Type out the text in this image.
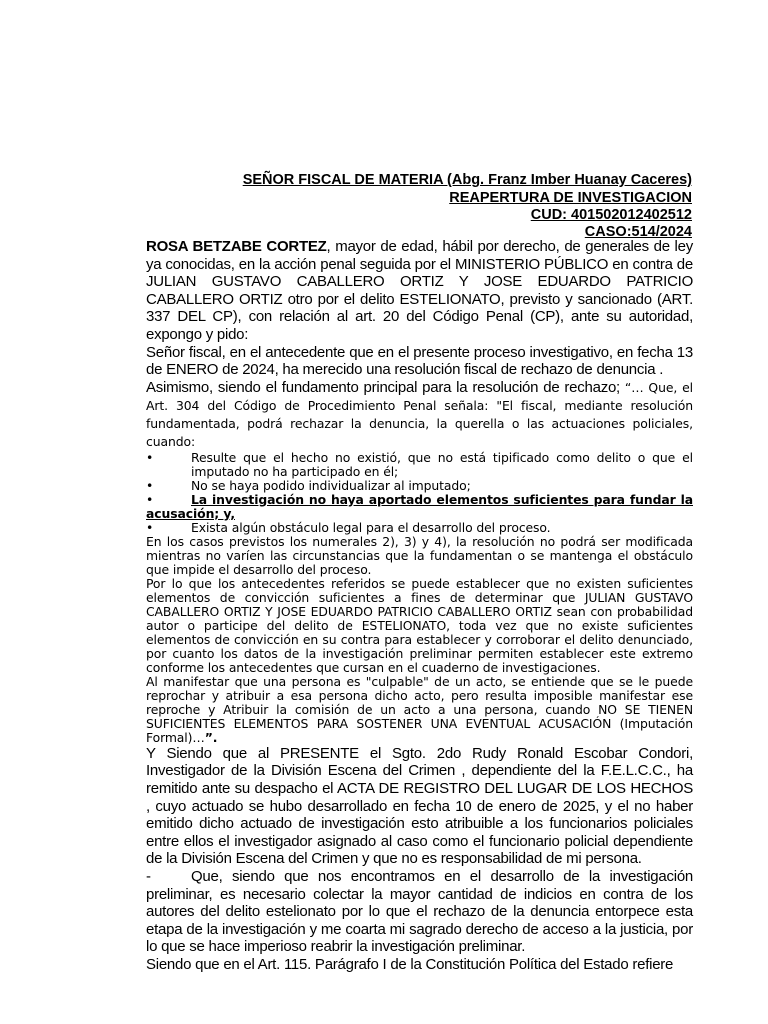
SEÑOR FISCAL DE MATERIA (Abg. Franz Imber Huanay Caceres)
REAPERTURA DE INVESTIGACION
CUD: 401502012402512
CASO:514/2024

ROSA BETZABE CORTEZ, mayor de edad, hábil por derecho, de generales de ley ya conocidas, en la acción penal seguida por el MINISTERIO PÚBLICO en contra de JULIAN GUSTAVO CABALLERO ORTIZ Y JOSE EDUARDO PATRICIO CABALLERO ORTIZ otro por el delito ESTELIONATO, previsto y sancionado (ART. 337 DEL CP), con relación al art. 20 del Código Penal (CP), ante su autoridad, expongo y pido:

Señor fiscal, en el antecedente que en el presente proceso investigativo, en fecha 13 de ENERO de 2024, ha merecido una resolución fiscal de rechazo de denuncia .

Asimismo, siendo el fundamento principal para la resolución de rechazo; “… Que, el Art. 304 del Código de Procedimiento Penal señala: "El fiscal, mediante resolución fundamentada, podrá rechazar la denuncia, la querella o las actuaciones policiales, cuando:

•	Resulte que el hecho no existió, que no está tipificado como delito o que el imputado no ha participado en él;
•	No se haya podido individualizar al imputado;
•	La investigación no haya aportado elementos suficientes para fundar la acusación; y,
•	Exista algún obstáculo legal para el desarrollo del proceso.

En los casos previstos los numerales 2), 3) y 4), la resolución no podrá ser modificada mientras no varíen las circunstancias que la fundamentan o se mantenga el obstáculo que impide el desarrollo del proceso.

Por lo que los antecedentes referidos se puede establecer que no existen suficientes elementos de convicción suficientes a fines de determinar que JULIAN GUSTAVO CABALLERO ORTIZ Y JOSE EDUARDO PATRICIO CABALLERO ORTIZ sean con probabilidad autor o participe del delito de ESTELIONATO, toda vez que no existe suficientes elementos de convicción en su contra para establecer y corroborar el delito denunciado, por cuanto los datos de la investigación preliminar permiten establecer este extremo conforme los antecedentes que cursan en el cuaderno de investigaciones.

Al manifestar que una persona es "culpable" de un acto, se entiende que se le puede reprochar y atribuir a esa persona dicho acto, pero resulta imposible manifestar ese reproche y Atribuir la comisión de un acto a una persona, cuando NO SE TIENEN SUFICIENTES ELEMENTOS PARA SOSTENER UNA EVENTUAL ACUSACIÓN (Imputación Formal)…”.

Y Siendo que al PRESENTE el Sgto. 2do Rudy Ronald Escobar Condori, Investigador de la División Escena del Crimen , dependiente del la F.E.L.C.C., ha remitido ante su despacho el ACTA DE REGISTRO DEL LUGAR DE LOS HECHOS , cuyo actuado se hubo desarrollado en fecha 10 de enero de 2025, y el no haber emitido dicho actuado de investigación esto atribuible a los funcionarios policiales entre ellos el investigador asignado al caso como el funcionario policial dependiente de la División Escena del Crimen y que no es responsabilidad de mi persona.

-	Que, siendo que nos encontramos en el desarrollo de la investigación preliminar, es necesario colectar la mayor cantidad de indicios en contra de los autores del delito estelionato por lo que el rechazo de la denuncia entorpece esta etapa de la investigación y me coarta mi sagrado derecho de acceso a la justicia, por lo que se hace imperioso reabrir la investigación preliminar.

Siendo que en el Art. 115. Parágrafo I de la Constitución Política del Estado refiere
